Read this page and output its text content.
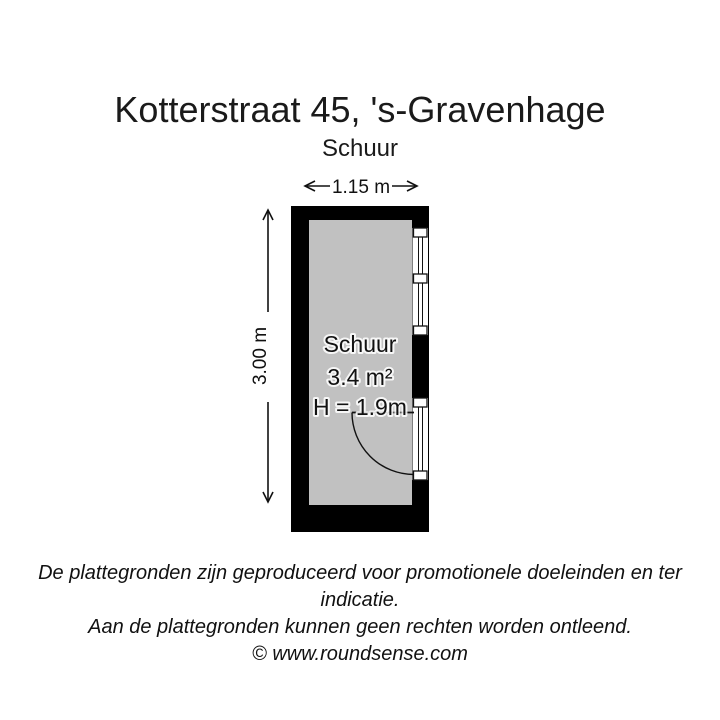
Kotterstraat 45, 's-Gravenhage
Schuur
Schuur
3.4 m²
H = 1.9m
1.15 m
3.00 m
De plattegronden zijn geproduceerd voor promotionele doeleinden en ter indicatie.
Aan de plattegronden kunnen geen rechten worden ontleend.
© www.roundsense.com
